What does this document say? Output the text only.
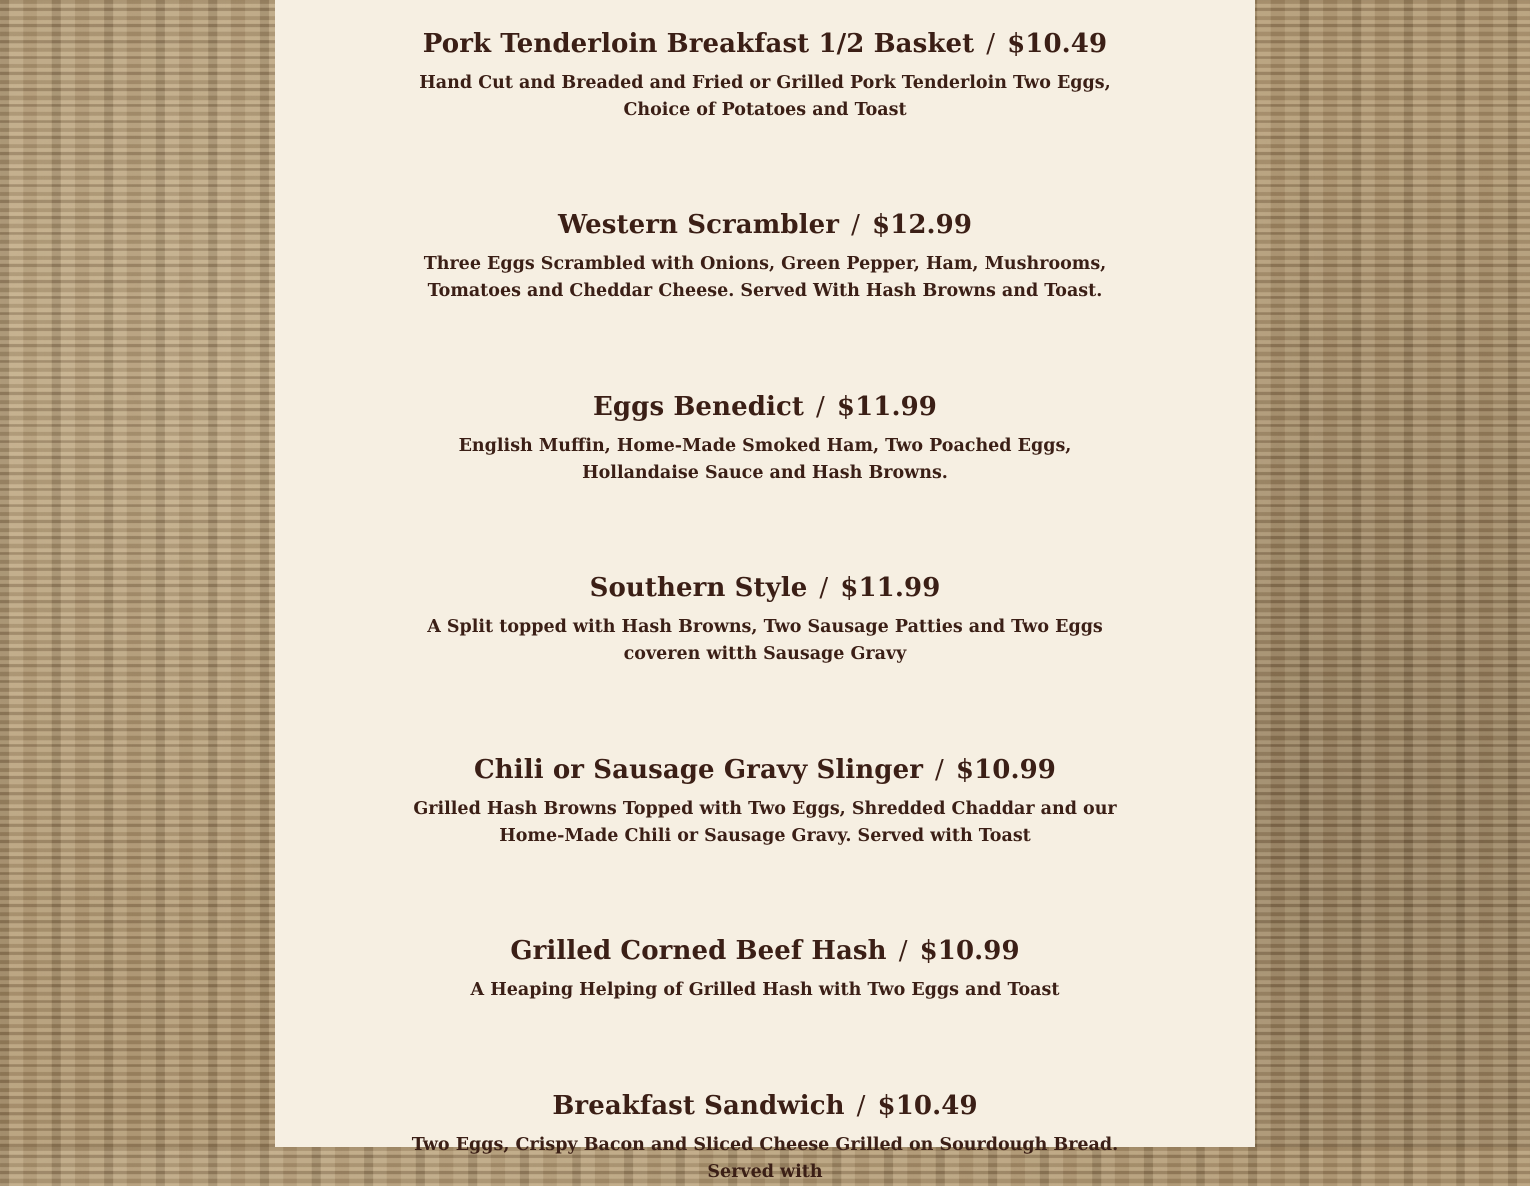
Pork Tenderloin Breakfast 1/2 Basket / $10.49

Hand Cut and Breaded and Fried or Grilled Pork Tenderloin Two Eggs, Choice of Potatoes and Toast

Western Scrambler / $12.99

Three Eggs Scrambled with Onions, Green Pepper, Ham, Mushrooms, Tomatoes and Cheddar Cheese. Served With Hash Browns and Toast.

Eggs Benedict / $11.99

English Muffin, Home-Made Smoked Ham, Two Poached Eggs, Hollandaise Sauce and Hash Browns.

Southern Style / $11.99

A Split topped with Hash Browns, Two Sausage Patties and Two Eggs coveren witth Sausage Gravy

Chili or Sausage Gravy Slinger / $10.99

Grilled Hash Browns Topped with Two Eggs, Shredded Chaddar and our Home-Made Chili or Sausage Gravy. Served with Toast

Grilled Corned Beef Hash / $10.99

A Heaping Helping of Grilled Hash with Two Eggs and Toast

Breakfast Sandwich / $10.49

Two Eggs, Crispy Bacon and Sliced Cheese Grilled on Sourdough Bread. Served with
